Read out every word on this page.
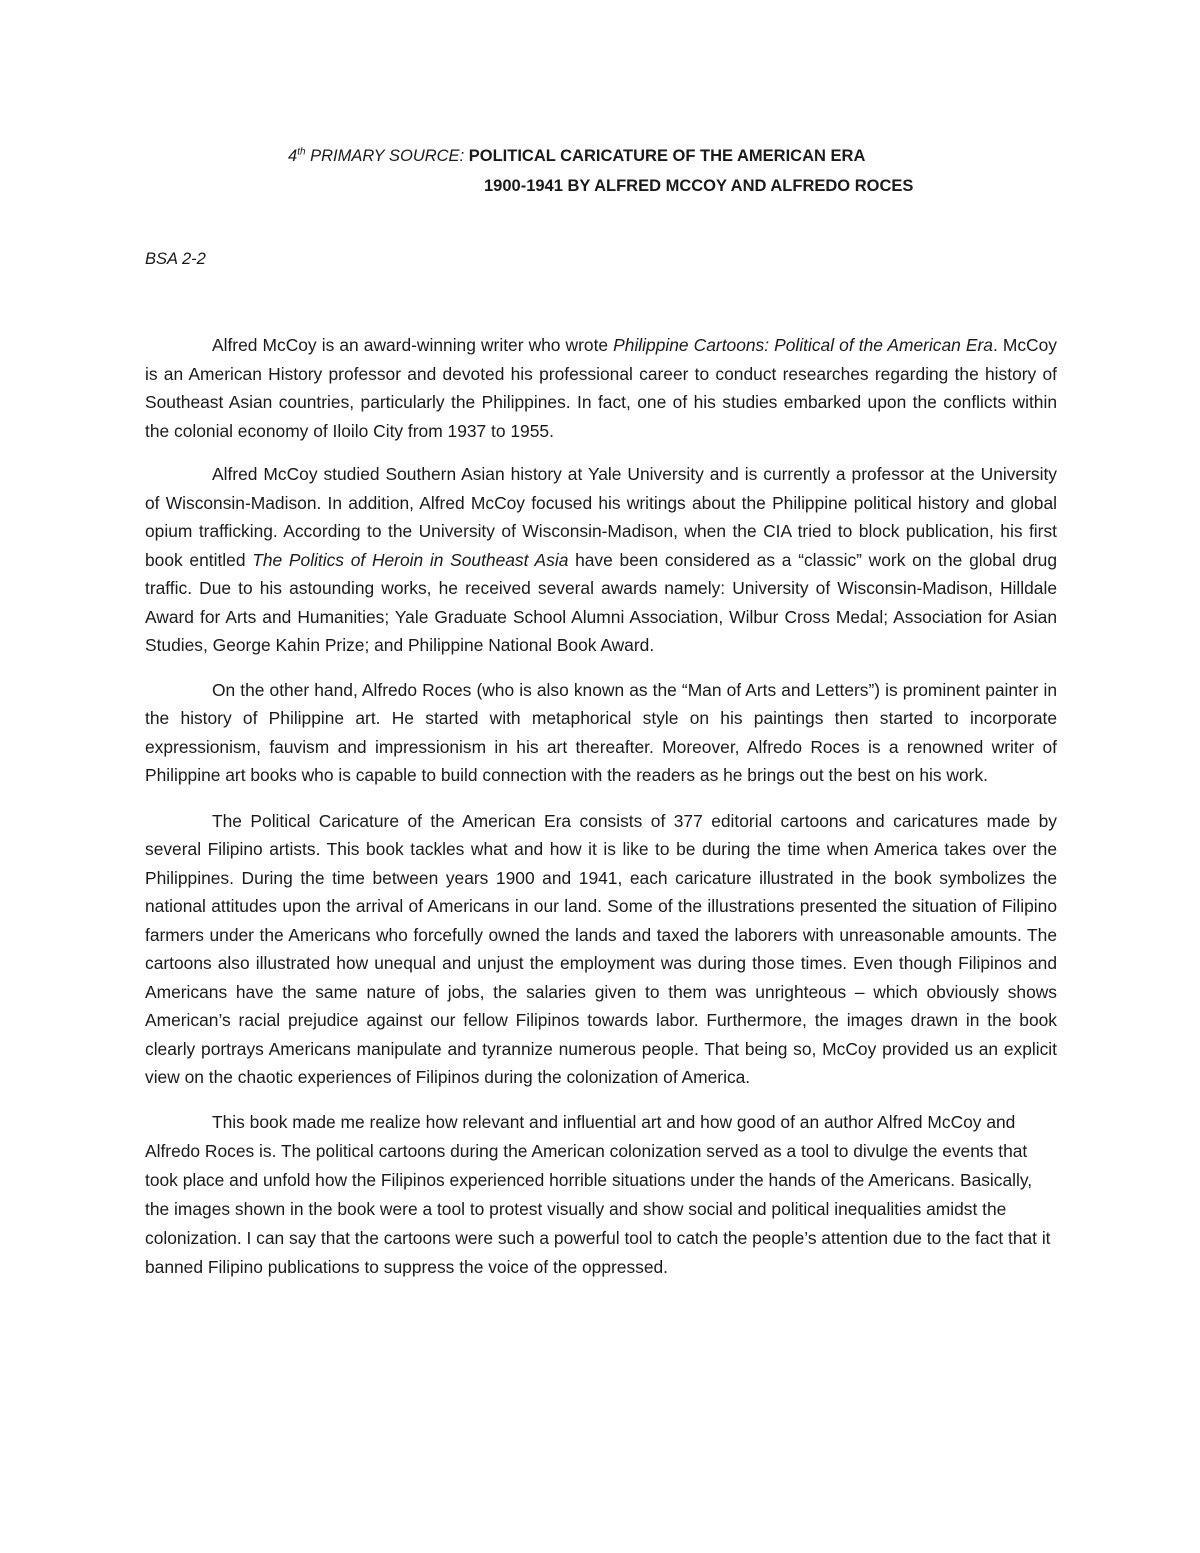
4th PRIMARY SOURCE: POLITICAL CARICATURE OF THE AMERICAN ERA
1900-1941 BY ALFRED MCCOY AND ALFREDO ROCES
BSA 2-2

Alfred McCoy is an award-winning writer who wrote Philippine Cartoons: Political of the American Era. McCoy is an American History professor and devoted his professional career to conduct researches regarding the history of Southeast Asian countries, particularly the Philippines. In fact, one of his studies embarked upon the conflicts within the colonial economy of Iloilo City from 1937 to 1955.

Alfred McCoy studied Southern Asian history at Yale University and is currently a professor at the University of Wisconsin-Madison. In addition, Alfred McCoy focused his writings about the Philippine political history and global opium trafficking. According to the University of Wisconsin-Madison, when the CIA tried to block publication, his first book entitled The Politics of Heroin in Southeast Asia have been considered as a “classic” work on the global drug traffic. Due to his astounding works, he received several awards namely: University of Wisconsin-Madison, Hilldale Award for Arts and Humanities; Yale Graduate School Alumni Association, Wilbur Cross Medal; Association for Asian Studies, George Kahin Prize; and Philippine National Book Award.

On the other hand, Alfredo Roces (who is also known as the “Man of Arts and Letters”) is prominent painter in the history of Philippine art. He started with metaphorical style on his paintings then started to incorporate expressionism, fauvism and impressionism in his art thereafter. Moreover, Alfredo Roces is a renowned writer of Philippine art books who is capable to build connection with the readers as he brings out the best on his work.

The Political Caricature of the American Era consists of 377 editorial cartoons and caricatures made by several Filipino artists. This book tackles what and how it is like to be during the time when America takes over the Philippines. During the time between years 1900 and 1941, each caricature illustrated in the book symbolizes the national attitudes upon the arrival of Americans in our land. Some of the illustrations presented the situation of Filipino farmers under the Americans who forcefully owned the lands and taxed the laborers with unreasonable amounts. The cartoons also illustrated how unequal and unjust the employment was during those times. Even though Filipinos and Americans have the same nature of jobs, the salaries given to them was unrighteous – which obviously shows American’s racial prejudice against our fellow Filipinos towards labor. Furthermore, the images drawn in the book clearly portrays Americans manipulate and tyrannize numerous people. That being so, McCoy provided us an explicit view on the chaotic experiences of Filipinos during the colonization of America.

This book made me realize how relevant and influential art and how good of an author Alfred McCoy and Alfredo Roces is. The political cartoons during the American colonization served as a tool to divulge the events that took place and unfold how the Filipinos experienced horrible situations under the hands of the Americans. Basically, the images shown in the book were a tool to protest visually and show social and political inequalities amidst the colonization. I can say that the cartoons were such a powerful tool to catch the people’s attention due to the fact that it banned Filipino publications to suppress the voice of the oppressed.
